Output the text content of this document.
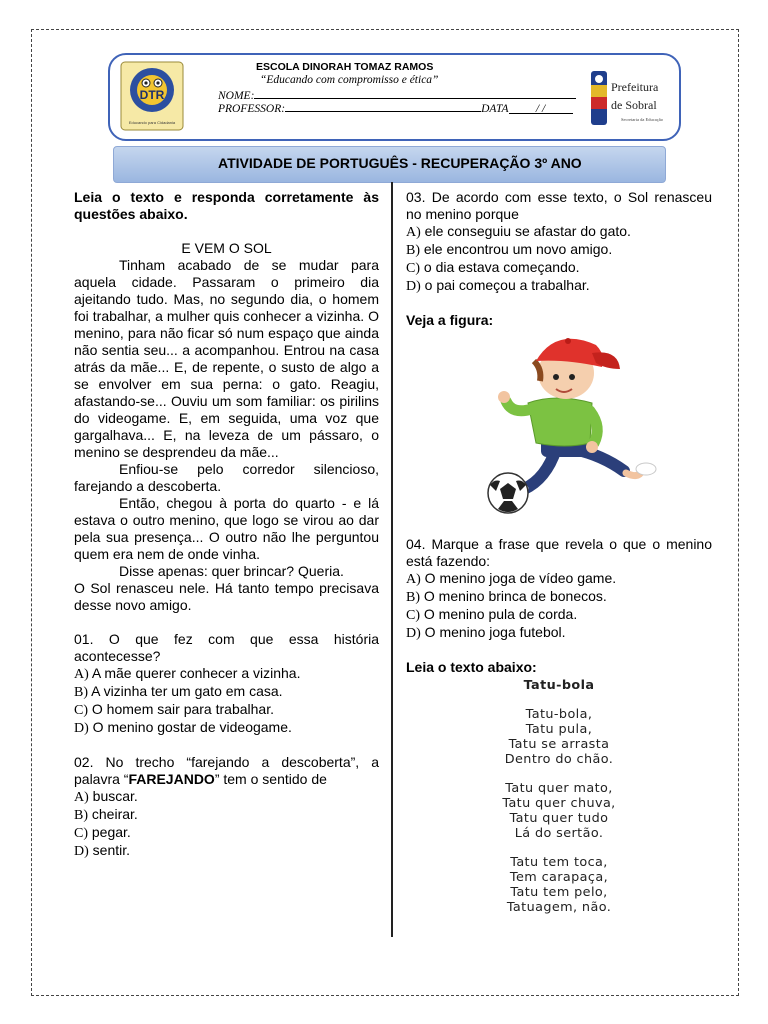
DTR
Educando para Cidadania
ESCOLA DINORAH TOMAZ RAMOS
“Educando com compromisso e ética”
NOME:
PROFESSOR:	DATA / /
Prefeitura
de Sobral
Secretaria da Educação
ATIVIDADE DE PORTUGUÊS - RECUPERAÇÃO 3º ANO

Leia o texto e responda corretamente às questões abaixo.

E VEM O SOL

Tinham acabado de se mudar para aquela cidade. Passaram o primeiro dia ajeitando tudo. Mas, no segundo dia, o homem foi trabalhar, a mulher quis conhecer a vizinha. O menino, para não ficar só num espaço que ainda não sentia seu... a acompanhou. Entrou na casa atrás da mãe... E, de repente, o susto de algo a se envolver em sua perna: o gato. Reagiu, afastando-se... Ouviu um som familiar: os pirilins do videogame. E, em seguida, uma voz que gargalhava... E, na leveza de um pássaro, o menino se desprendeu da mãe...

Enfiou-se pelo corredor silencioso, farejando a descoberta.

Então, chegou à porta do quarto - e lá estava o outro menino, que logo se virou ao dar pela sua presença... O outro não lhe perguntou quem era nem de onde vinha.

Disse apenas: quer brincar? Queria.

O Sol renasceu nele. Há tanto tempo precisava desse novo amigo.

01. O que fez com que essa história acontecesse?

A) A mãe querer conhecer a vizinha.

B) A vizinha ter um gato em casa.

C) O homem sair para trabalhar.

D) O menino gostar de videogame.

02. No trecho “farejando a descoberta”, a palavra “FAREJANDO” tem o sentido de

A) buscar.

B) cheirar.

C) pegar.

D) sentir.

03. De acordo com esse texto, o Sol renasceu no menino porque

A) ele conseguiu se afastar do gato.

B) ele encontrou um novo amigo.

C) o dia estava começando.

D) o pai começou a trabalhar.

Veja a figura:

04. Marque a frase que revela o que o menino está fazendo:

A) O menino joga de vídeo game.

B) O menino brinca de bonecos.

C) O menino pula de corda.

D) O menino joga futebol.

Leia o texto abaixo:

Tatu-bola
Tatu-bola,
Tatu pula,
Tatu se arrasta
Dentro do chão.
Tatu quer mato,
Tatu quer chuva,
Tatu quer tudo
Lá do sertão.
Tatu tem toca,
Tem carapaça,
Tatu tem pelo,
Tatuagem, não.
